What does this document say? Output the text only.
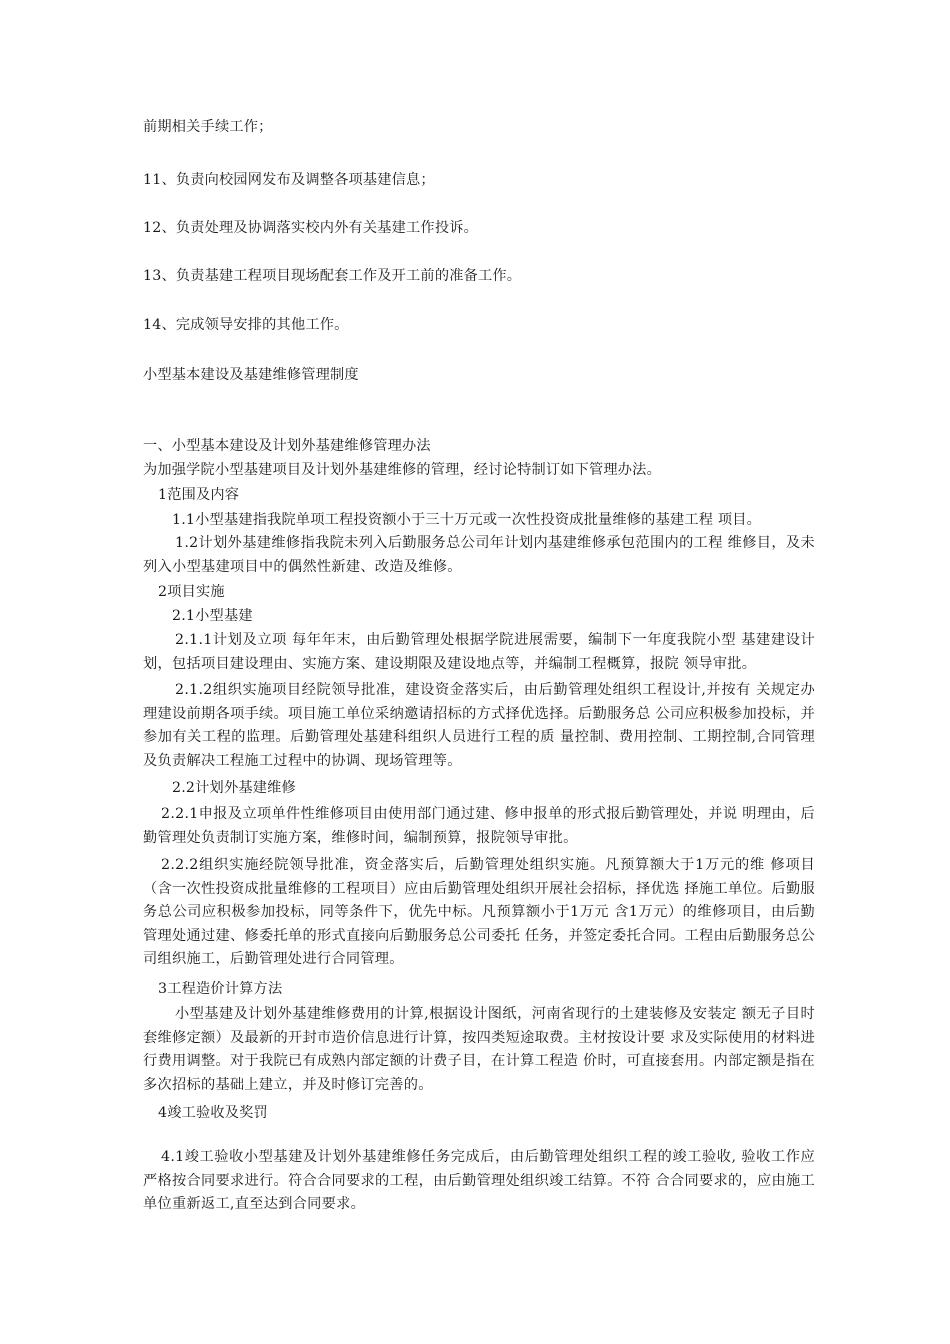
前期相关手续工作；
11、负责向校园网发布及调整各项基建信息；
12、负责处理及协调落实校内外有关基建工作投诉。
13、负责基建工程项目现场配套工作及开工前的准备工作。
14、完成领导安排的其他工作。
小型基本建设及基建维修管理制度
一、小型基本建设及计划外基建维修管理办法
为加强学院小型基建项目及计划外基建维修的管理，经讨论特制订如下管理办法。
1范围及内容
1.1小型基建指我院单项工程投资额小于三十万元或一次性投资成批量维修的基建工程 项目。
1.2计划外基建维修指我院未列入后勤服务总公司年计划内基建维修承包范围内的工程 维修目，及未列入小型基建项目中的偶然性新建、改造及维修。
2项目实施
2.1小型基建
2.1.1计划及立项 每年年末，由后勤管理处根据学院进展需要，编制下一年度我院小型 基建建设计划，包括项目建设理由、实施方案、建设期限及建设地点等，并编制工程概算，报院 领导审批。
2.1.2组织实施项目经院领导批准，建设资金落实后，由后勤管理处组织工程设计,并按有 关规定办 理建设前期各项手续。项目施工单位采纳邀请招标的方式择优选择。后勤服务总 公司应积极参加投标，并参加有关工程的监理。后勤管理处基建科组织人员进行工程的质 量控制、费用控制、工期控制,合同管理及负责解决工程施工过程中的协调、现场管理等。
2.2计划外基建维修
2.2.1申报及立项单件性维修项目由使用部门通过建、修申报单的形式报后勤管理处，并说 明理由，后勤管理处负责制订实施方案，维修时间，编制预算，报院领导审批。
2.2.2组织实施经院领导批准，资金落实后，后勤管理处组织实施。凡预算额大于1万元的维 修项目（含一次性投资成批量维修的工程项目）应由后勤管理处组织开展社会招标，择优选 择施工单位。后勤服务总公司应积极参加投标，同等条件下，优先中标。凡预算额小于1万元 含1万元）的维修项目，由后勤管理处通过建、修委托单的形式直接向后勤服务总公司委托 任务，并签定委托合同。工程由后勤服务总公司组织施工，后勤管理处进行合同管理。
3工程造价计算方法
小型基建及计划外基建维修费用的计算,根据设计图纸，河南省现行的土建装修及安装定 额无子目时套维修定额）及最新的开封市造价信息进行计算，按四类短途取费。主材按设计要 求及实际使用的材料进行费用调整。对于我院已有成熟内部定额的计费子目，在计算工程造 价时，可直接套用。内部定额是指在多次招标的基础上建立，并及时修订完善的。
4竣工验收及奖罚
4.1竣工验收小型基建及计划外基建维修任务完成后，由后勤管理处组织工程的竣工验收, 验收工作应严格按合同要求进行。符合合同要求的工程，由后勤管理处组织竣工结算。不符 合合同要求的，应由施工单位重新返工,直至达到合同要求。
